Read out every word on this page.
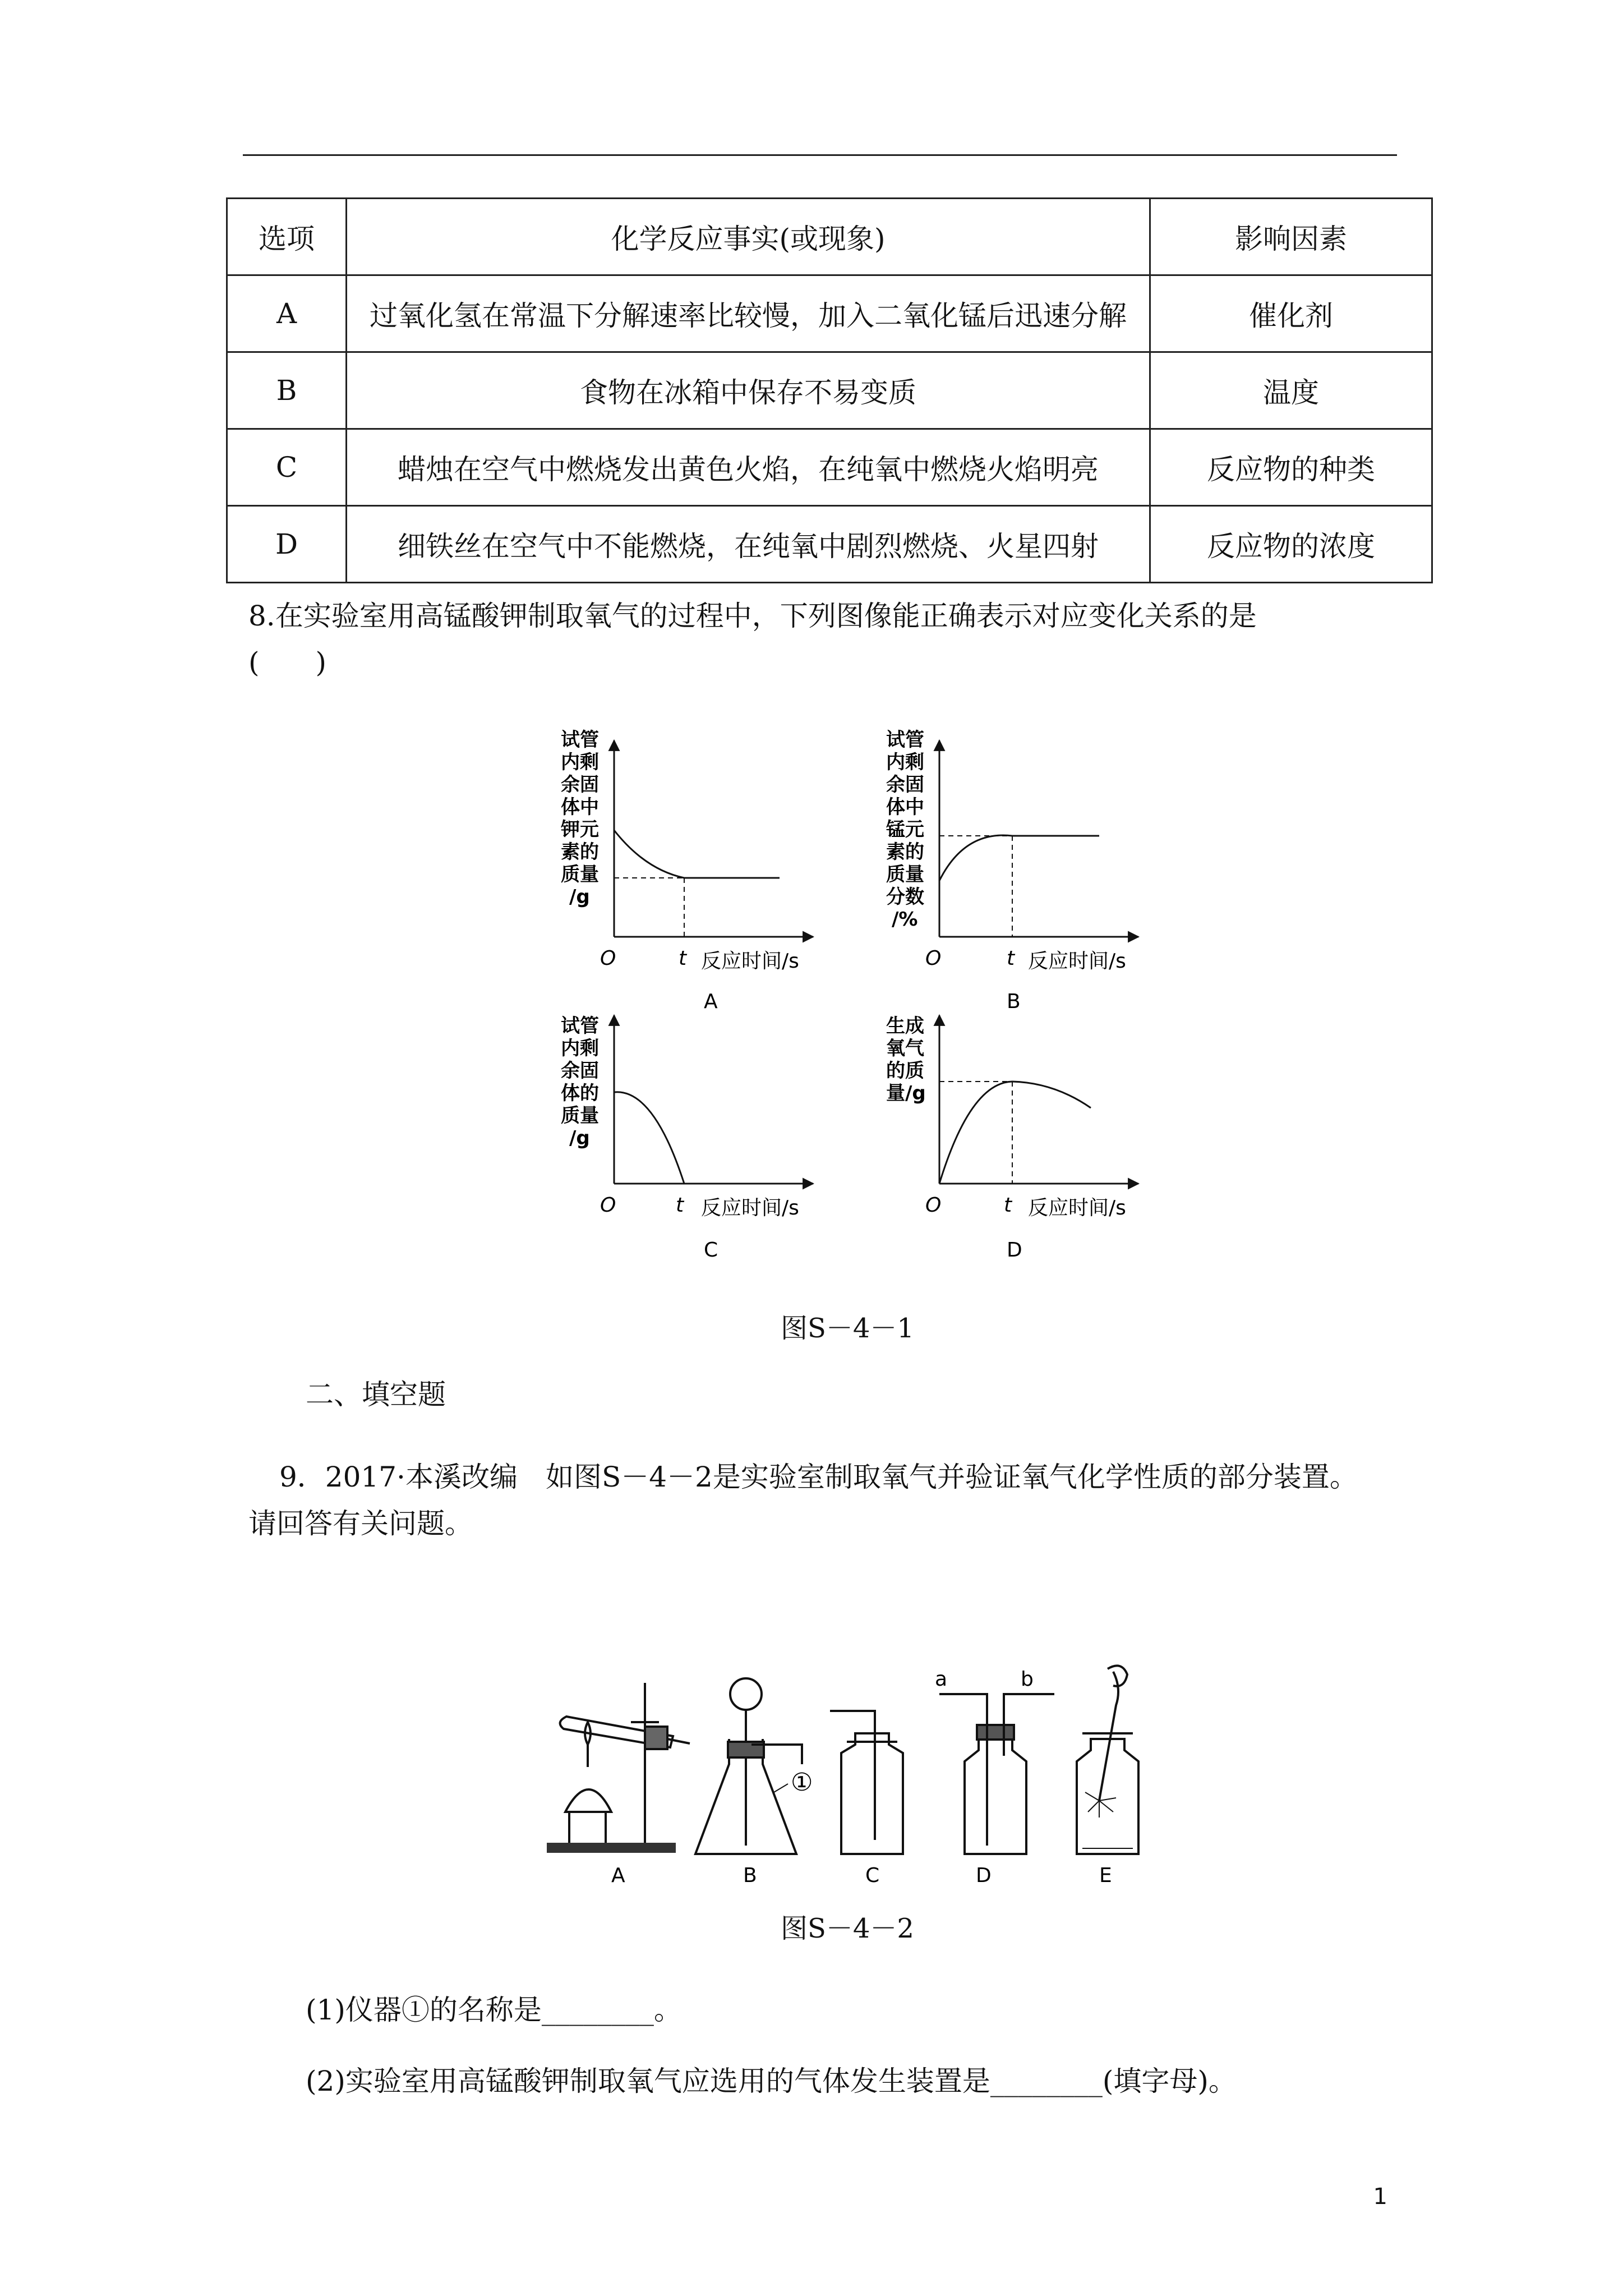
选项	化学反应事实(或现象)	影响因素
A	过氧化氢在常温下分解速率比较慢，加入二氧化锰后迅速分解	催化剂
B	食物在冰箱中保存不易变质	温度
C	蜡烛在空气中燃烧发出黄色火焰，在纯氧中燃烧火焰明亮	反应物的种类
D	细铁丝在空气中不能燃烧，在纯氧中剧烈燃烧、火星四射	反应物的浓度
8.在实验室用高锰酸钾制取氧气的过程中，下列图像能正确表示对应变化关系的是
(　　)
试管
内剩
余固
体中
钾元
素的
质量
/g
O	t 反应时间/s
A
试管
内剩
余固
体中
锰元
素的
质量
分数
/%
O	t 反应时间/s
B
试管
内剩
余固
体的
质量
/g
O	t 反应时间/s
C
生成
氧气
的质
量/g
O	t 反应时间/s
D
图S－4－1
二、填空题
9．2017·本溪改编　如图S－4－2是实验室制取氧气并验证氧气化学性质的部分装置。
请回答有关问题。
A
①
B	C
a	b
D	E
图S－4－2
(1)仪器①的名称是________。
(2)实验室用高锰酸钾制取氧气应选用的气体发生装置是________(填字母)。
1
